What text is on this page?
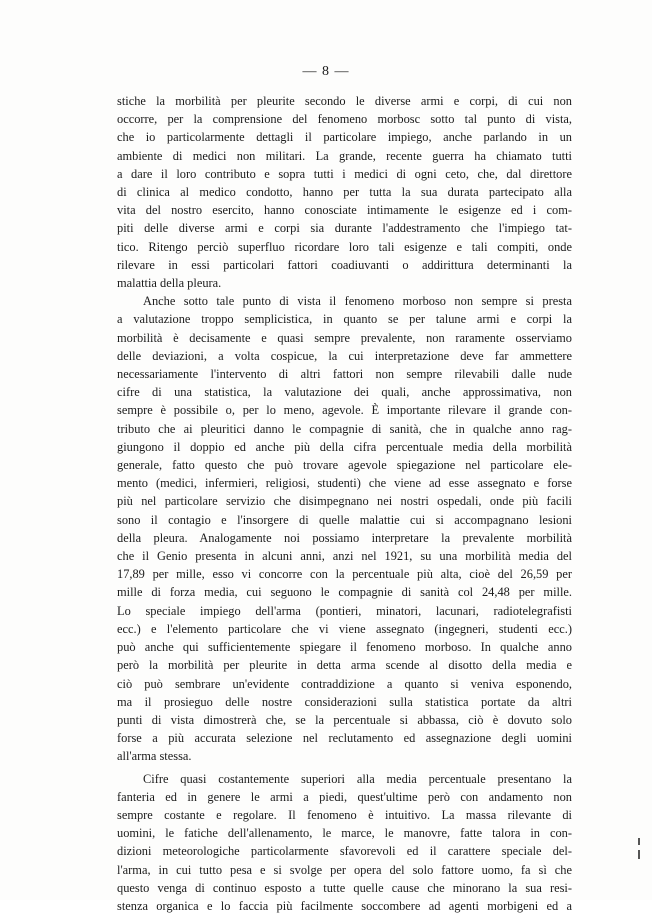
— 8 —
stiche la morbilità per pleurite secondo le diverse armi e corpi, di cui non
occorre, per la comprensione del fenomeno morbosc sotto tal punto di vista,
che io particolarmente dettagli il particolare impiego, anche parlando in un
ambiente di medici non militari. La grande, recente guerra ha chiamato tutti
a dare il loro contributo e sopra tutti i medici di ogni ceto, che, dal direttore
di clinica al medico condotto, hanno per tutta la sua durata partecipato alla
vita del nostro esercito, hanno conosciate intimamente le esigenze ed i com-
piti delle diverse armi e corpi sia durante l'addestramento che l'impiego tat-
tico. Ritengo perciò superfluo ricordare loro tali esigenze e tali compiti, onde
rilevare in essi particolari fattori coadiuvanti o addirittura determinanti la
malattia della pleura.
Anche sotto tale punto di vista il fenomeno morboso non sempre si presta
a valutazione troppo semplicistica, in quanto se per talune armi e corpi la
morbilità è decisamente e quasi sempre prevalente, non raramente osserviamo
delle deviazioni, a volta cospicue, la cui interpretazione deve far ammettere
necessariamente l'intervento di altri fattori non sempre rilevabili dalle nude
cifre di una statistica, la valutazione dei quali, anche approssimativa, non
sempre è possibile o, per lo meno, agevole. È importante rilevare il grande con-
tributo che ai pleuritici danno le compagnie di sanità, che in qualche anno rag-
giungono il doppio ed anche più della cifra percentuale media della morbilità
generale, fatto questo che può trovare agevole spiegazione nel particolare ele-
mento (medici, infermieri, religiosi, studenti) che viene ad esse assegnato e forse
più nel particolare servizio che disimpegnano nei nostri ospedali, onde più facili
sono il contagio e l'insorgere di quelle malattie cui si accompagnano lesioni
della pleura. Analogamente noi possiamo interpretare la prevalente morbilità
che il Genio presenta in alcuni anni, anzi nel 1921, su una morbilità media del
17,89 per mille, esso vi concorre con la percentuale più alta, cioè del 26,59 per
mille di forza media, cui seguono le compagnie di sanità col 24,48 per mille.
Lo speciale impiego dell'arma (pontieri, minatori, lacunari, radiotelegrafisti
ecc.) e l'elemento particolare che vi viene assegnato (ingegneri, studenti ecc.)
può anche qui sufficientemente spiegare il fenomeno morboso. In qualche anno
però la morbilità per pleurite in detta arma scende al disotto della media e
ciò può sembrare un'evidente contraddizione a quanto si veniva esponendo,
ma il prosieguo delle nostre considerazioni sulla statistica portate da altri
punti di vista dimostrerà che, se la percentuale si abbassa, ciò è dovuto solo
forse a più accurata selezione nel reclutamento ed assegnazione degli uomini
all'arma stessa.
Cifre quasi costantemente superiori alla media percentuale presentano la
fanteria ed in genere le armi a piedi, quest'ultime però con andamento non
sempre costante e regolare. Il fenomeno è intuitivo. La massa rilevante di
uomini, le fatiche dell'allenamento, le marce, le manovre, fatte talora in con-
dizioni meteorologiche particolarmente sfavorevoli ed il carattere speciale del-
l'arma, in cui tutto pesa e si svolge per opera del solo fattore uomo, fa sì che
questo venga di continuo esposto a tutte quelle cause che minorano la sua resi-
stenza organica e lo faccia più facilmente soccombere ad agenti morbigeni ed a
